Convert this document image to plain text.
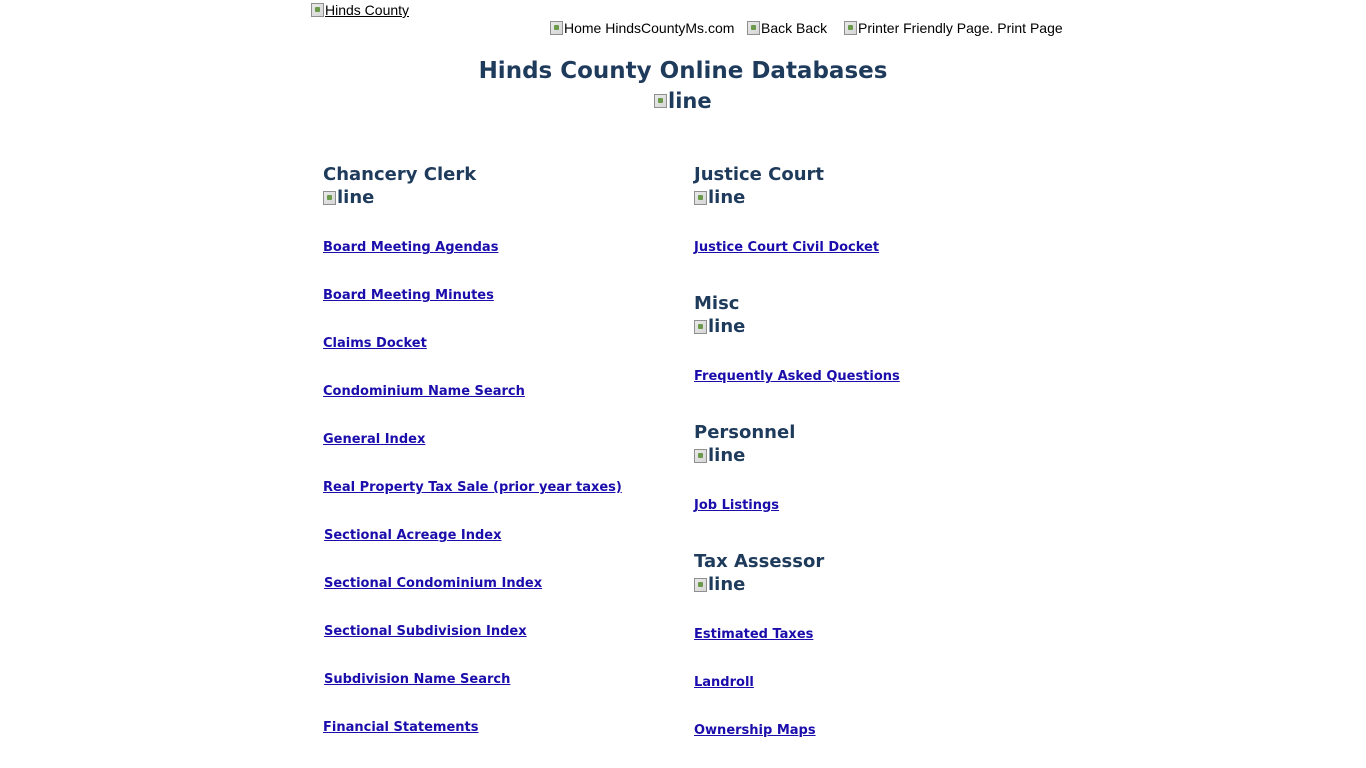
Hinds County
Home HindsCountyMs.com Back Back Printer Friendly Page. Print Page
Hinds County Online Databases
line
Chancery Clerk
line
Board Meeting Agendas
Board Meeting Minutes
Claims Docket
Condominium Name Search
General Index
Real Property Tax Sale (prior year taxes)
Sectional Acreage Index
Sectional Condominium Index
Sectional Subdivision Index
Subdivision Name Search
Financial Statements
Justice Court
line
Justice Court Civil Docket
Misc
line
Frequently Asked Questions
Personnel
line
Job Listings
Tax Assessor
line
Estimated Taxes
Landroll
Ownership Maps
